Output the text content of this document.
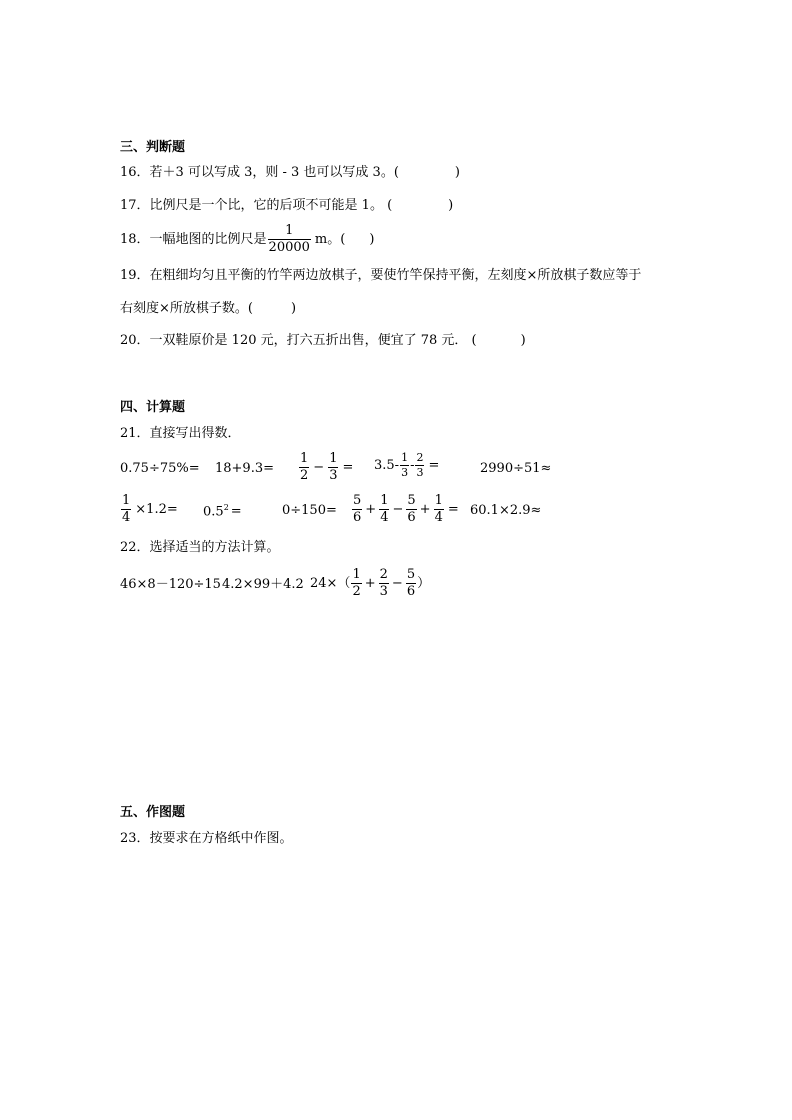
三、判断题
16．若＋3 可以写成 3，则 - 3 也可以写成 3。(	)
17．比例尺是一个比，它的后项不可能是 1。 (	)
18．一幅地图的比例尺是 $\frac{1}{20000}$ m。( )
19．在粗细均匀且平衡的竹竿两边放棋子，要使竹竿保持平衡，左刻度×所放棋子数应等于
右刻度×所放棋子数。(	)
20．一双鞋原价是 120 元，打六五折出售，便宜了 78 元． (	)
四、计算题
21．直接写出得数．
$0.75\div 75\%= 18+9.3= \frac{1}{2} - \frac{1}{3} = 3.5- \frac{1}{3} - \frac{2}{3}$ =	2990÷51≈
$\frac{1}{4} \times 1.2= 0.5^2$ =	$0\div 150= \frac{5}{6} + \frac{1}{4} - \frac{5}{6} + \frac{1}{4} = 60.1\times 2.9\approx$
22．选择适当的方法计算。
46×8－120÷15 4.2×99＋4.2 $24\times( \frac{1}{2} + \frac{2}{3} - \frac{5}{6}$ ）
五、作图题
23．按要求在方格纸中作图。
